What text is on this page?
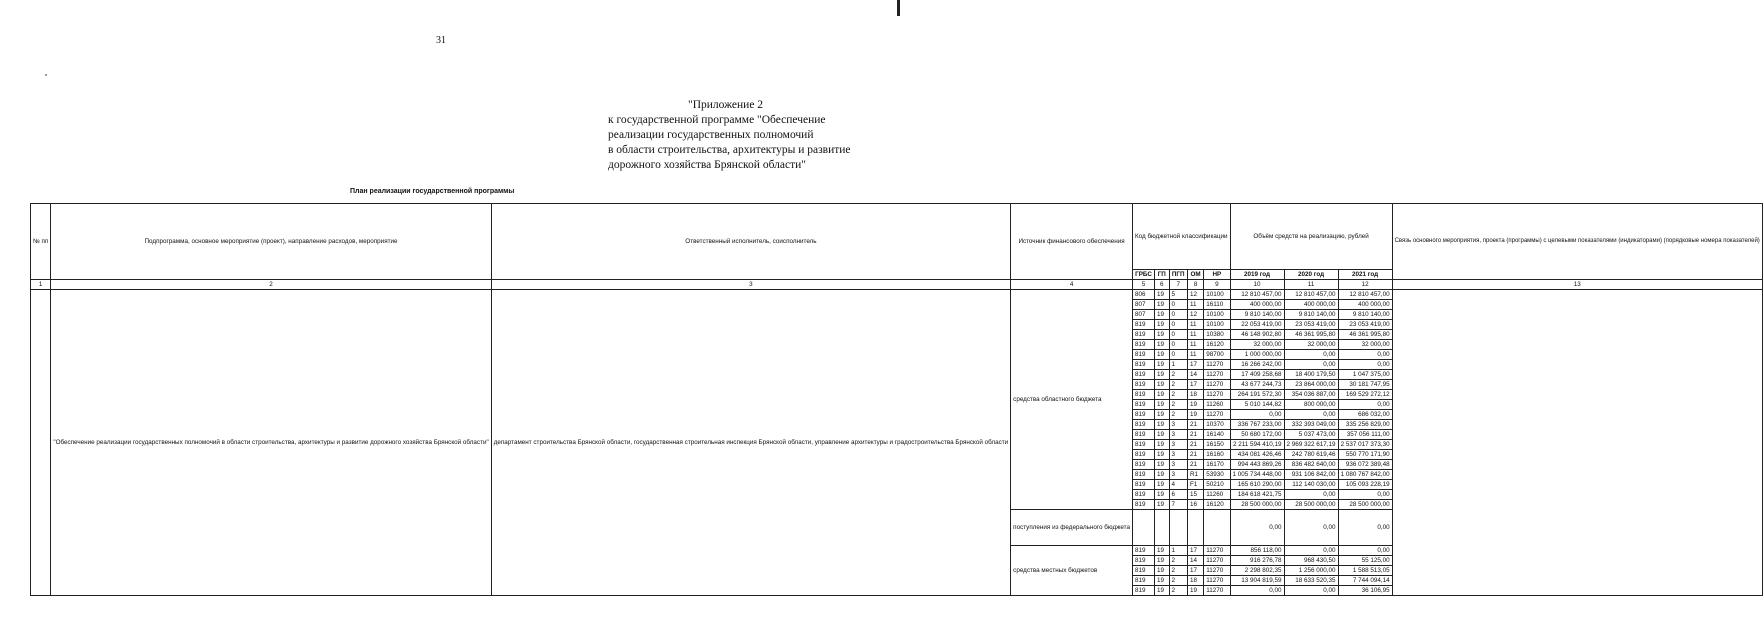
31
"Приложение 2
к государственной программе "Обеспечение
реализации государственных полномочий
в области строительства, архитектуры и развитие
дорожного хозяйства Брянской области"
План реализации государственной программы
№ пп	Подпрограмма, основное мероприятие (проект), направление расходов, мероприятие	Ответственный исполнитель, соисполнитель	Источник финансового обеспечения	Код бюджетной классификации					Объём средств на реализацию, рублей			Связь основного мероприятия, проекта (программы) с целевыми показателями (индикаторами) (порядковые номера показателей)
				ГРБС	ГП	ПГП	ОМ	НР	2019 год	2020 год	2021 год	
1	2	3	4	5	6	7	8	9	10	11	12	13
	"Обеспечение реализации государственных полномочий в области строительства, архитектуры и развитие дорожного хозяйства Брянской области"	департамент строительства Брянской области, государственная строительная инспекция Брянской области, управление архитектуры и градостроительства Брянской области	средства областного бюджета	806	19	5	12	10100	12 810 457,00	12 810 457,00	12 810 457,00	
				807	19	0	11	16110	400 000,00	400 000,00	400 000,00	
				807	19	0	12	10100	9 810 140,00	9 810 140,00	9 810 140,00	
				819	19	0	11	10100	22 053 419,00	23 053 419,00	23 053 419,00	
				819	19	0	11	10380	46 148 902,80	46 361 995,80	46 361 995,80	
				819	19	0	11	16120	32 000,00	32 000,00	32 000,00	
				819	19	0	11	98700	1 000 000,00	0,00	0,00	
				819	19	1	17	11270	16 266 242,00	0,00	0,00	
				819	19	2	14	11270	17 409 258,68	18 400 179,50	1 047 375,00	
				819	19	2	17	11270	43 677 244,73	23 864 000,00	30 181 747,95	
				819	19	2	18	11270	264 191 572,30	354 036 887,00	169 529 272,12	
				819	19	2	19	11260	5 010 144,82	800 000,00	0,00	
				819	19	2	19	11270	0,00	0,00	686 032,00	
				819	19	3	21	10370	336 767 233,00	332 393 049,00	335 256 829,00	
				819	19	3	21	16140	50 680 172,00	5 037 473,00	357 056 111,00	
				819	19	3	21	16150	2 211 594 410,19	2 969 322 617,19	2 537 017 373,30	
				819	19	3	21	16160	434 081 426,46	242 780 619,46	550 770 171,90	
				819	19	3	21	16170	994 443 869,26	836 482 640,00	936 072 389,48	
				819	19	3	R1	53930	1 005 734 448,00	931 106 842,00	1 080 767 842,00	
				819	19	4	F1	50210	165 610 290,00	112 140 030,00	105 093 228,19	
				819	19	6	15	11260	184 618 421,75	0,00	0,00	
				819	19	7	16	16120	28 500 000,00	28 500 000,00	28 500 000,00	
			поступления из федерального бюджета						0,00	0,00	0,00	
			средства местных бюджетов	819	19	1	17	11270	856 118,00	0,00	0,00	
				819	19	2	14	11270	916 276,78	968 430,50	55 125,00	
				819	19	2	17	11270	2 298 802,35	1 256 000,00	1 588 513,05	
				819	19	2	18	11270	13 904 819,59	18 633 520,35	7 744 094,14	
				819	19	2	19	11270	0,00	0,00	36 106,95	
